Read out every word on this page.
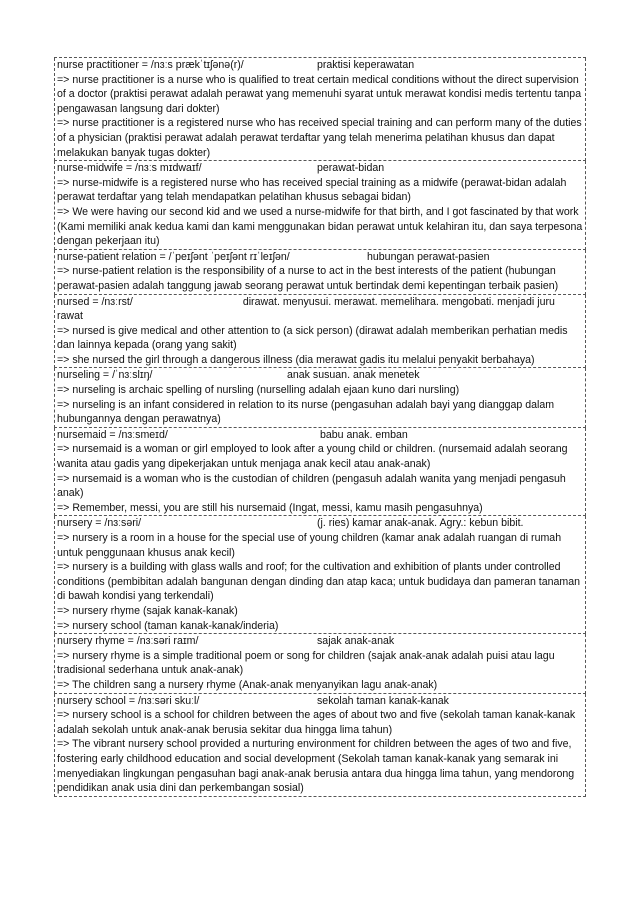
nurse practitioner = /nɜːs prækˈtɪʃənə(r)/	praktisi keperawatan
=> nurse practitioner is a nurse who is qualified to treat certain medical conditions without the direct supervision of a doctor (praktisi perawat adalah perawat yang memenuhi syarat untuk merawat kondisi medis tertentu tanpa pengawasan langsung dari dokter)
=> nurse practitioner is a registered nurse who has received special training and can perform many of the duties of a physician (praktisi perawat adalah perawat terdaftar yang telah menerima pelatihan khusus dan dapat melakukan banyak tugas dokter)
nurse-midwife = /nɜːs mɪdwaɪf/	perawat-bidan
=> nurse-midwife is a registered nurse who has received special training as a midwife (perawat-bidan adalah perawat terdaftar yang telah mendapatkan pelatihan khusus sebagai bidan)
=> We were having our second kid and we used a nurse-midwife for that birth, and I got fascinated by that work (Kami memiliki anak kedua kami dan kami menggunakan bidan perawat untuk kelahiran itu, dan saya terpesona dengan pekerjaan itu)
nurse-patient relation = /ˈpeɪʃənt ˈpeɪʃənt rɪˈleɪʃən/	hubungan perawat-pasien
=> nurse-patient relation is the responsibility of a nurse to act in the best interests of the patient (hubungan perawat-pasien adalah tanggung jawab seorang perawat untuk bertindak demi kepentingan terbaik pasien)
nursed = /nɜːrst/	dirawat. menyusui. merawat. memelihara. mengobati. menjadi juru rawat
=> nursed is give medical and other attention to (a sick person) (dirawat adalah memberikan perhatian medis dan lainnya kepada (orang yang sakit)
=> she nursed the girl through a dangerous illness (dia merawat gadis itu melalui penyakit berbahaya)
nurseling = /ˈnɜːslɪŋ/	anak susuan. anak menetek
=> nurseling is archaic spelling of nursling (nurselling adalah ejaan kuno dari nursling)
=> nurseling is an infant considered in relation to its nurse (pengasuhan adalah bayi yang dianggap dalam hubungannya dengan perawatnya)
nursemaid = /nɜːsmeɪd/	babu anak. emban
=> nursemaid is a woman or girl employed to look after a young child or children. (nursemaid adalah seorang wanita atau gadis yang dipekerjakan untuk menjaga anak kecil atau anak-anak)
=> nursemaid is a woman who is the custodian of children (pengasuh adalah wanita yang menjadi pengasuh anak)
=> Remember, messi, you are still his nursemaid (Ingat, messi, kamu masih pengasuhnya)
nursery = /nɜːsəri/	(j. ries) kamar anak-anak. Agry.: kebun bibit.
=> nursery is a room in a house for the special use of young children (kamar anak adalah ruangan di rumah untuk penggunaan khusus anak kecil)
=> nursery is a building with glass walls and roof; for the cultivation and exhibition of plants under controlled conditions (pembibitan adalah bangunan dengan dinding dan atap kaca; untuk budidaya dan pameran tanaman di bawah kondisi yang terkendali)
=> nursery rhyme (sajak kanak-kanak)
=> nursery school (taman kanak-kanak/inderia)
nursery rhyme = /nɜːsəri raɪm/	sajak anak-anak
=> nursery rhyme is a simple traditional poem or song for children (sajak anak-anak adalah puisi atau lagu tradisional sederhana untuk anak-anak)
=> The children sang a nursery rhyme (Anak-anak menyanyikan lagu anak-anak)
nursery school = /nɜːsəri skuːl/	sekolah taman kanak-kanak
=> nursery school is a school for children between the ages of about two and five (sekolah taman kanak-kanak adalah sekolah untuk anak-anak berusia sekitar dua hingga lima tahun)
=> The vibrant nursery school provided a nurturing environment for children between the ages of two and five, fostering early childhood education and social development (Sekolah taman kanak-kanak yang semarak ini menyediakan lingkungan pengasuhan bagi anak-anak berusia antara dua hingga lima tahun, yang mendorong pendidikan anak usia dini dan perkembangan sosial)
